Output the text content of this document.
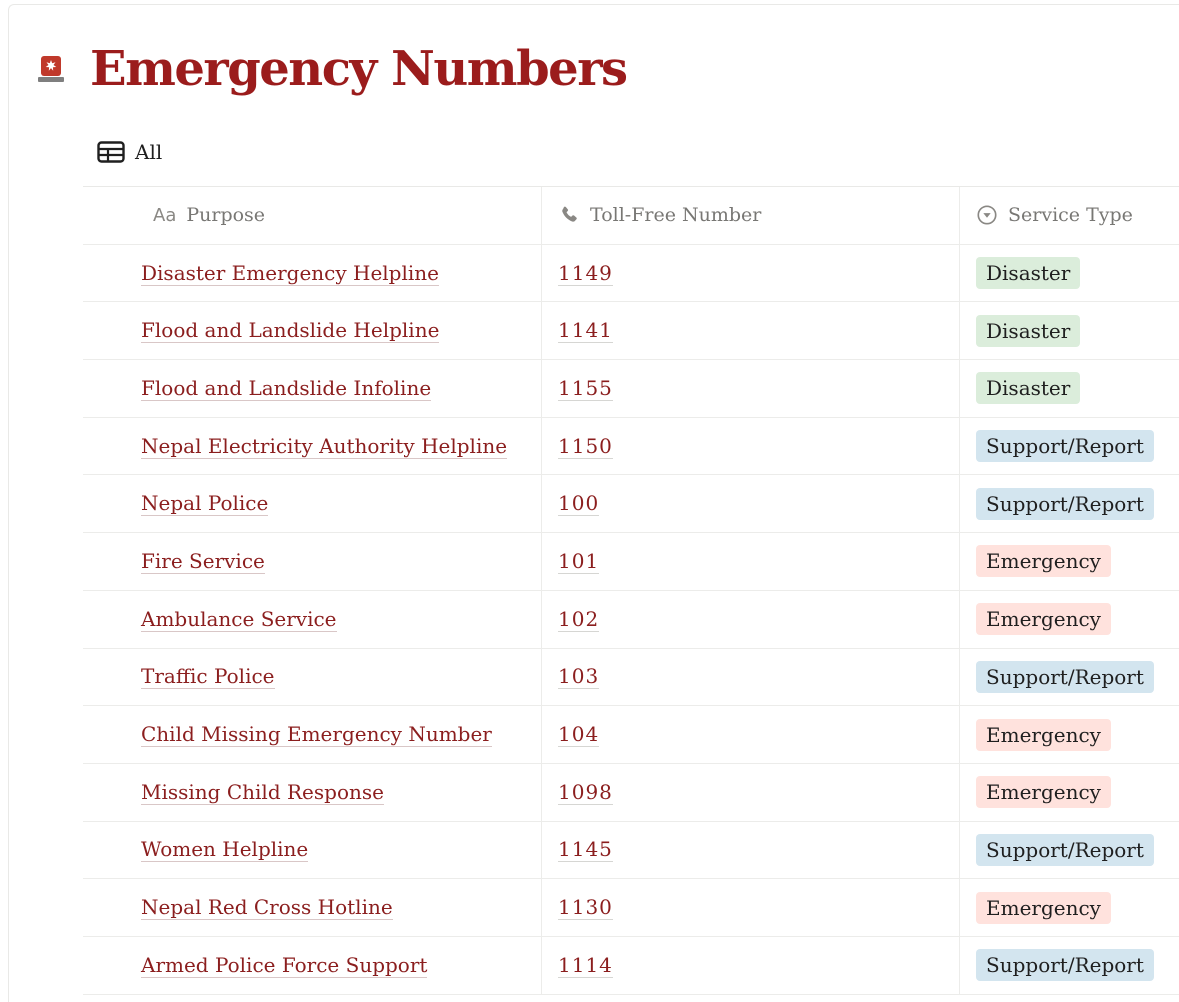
Emergency Numbers
All
Aa Purpose	Toll-Free Number	Service Type
Disaster Emergency Helpline	1149	Disaster
Flood and Landslide Helpline	1141	Disaster
Flood and Landslide Infoline	1155	Disaster
Nepal Electricity Authority Helpline	1150	Support/Report
Nepal Police	100	Support/Report
Fire Service	101	Emergency
Ambulance Service	102	Emergency
Traffic Police	103	Support/Report
Child Missing Emergency Number	104	Emergency
Missing Child Response	1098	Emergency
Women Helpline	1145	Support/Report
Nepal Red Cross Hotline	1130	Emergency
Armed Police Force Support	1114	Support/Report
